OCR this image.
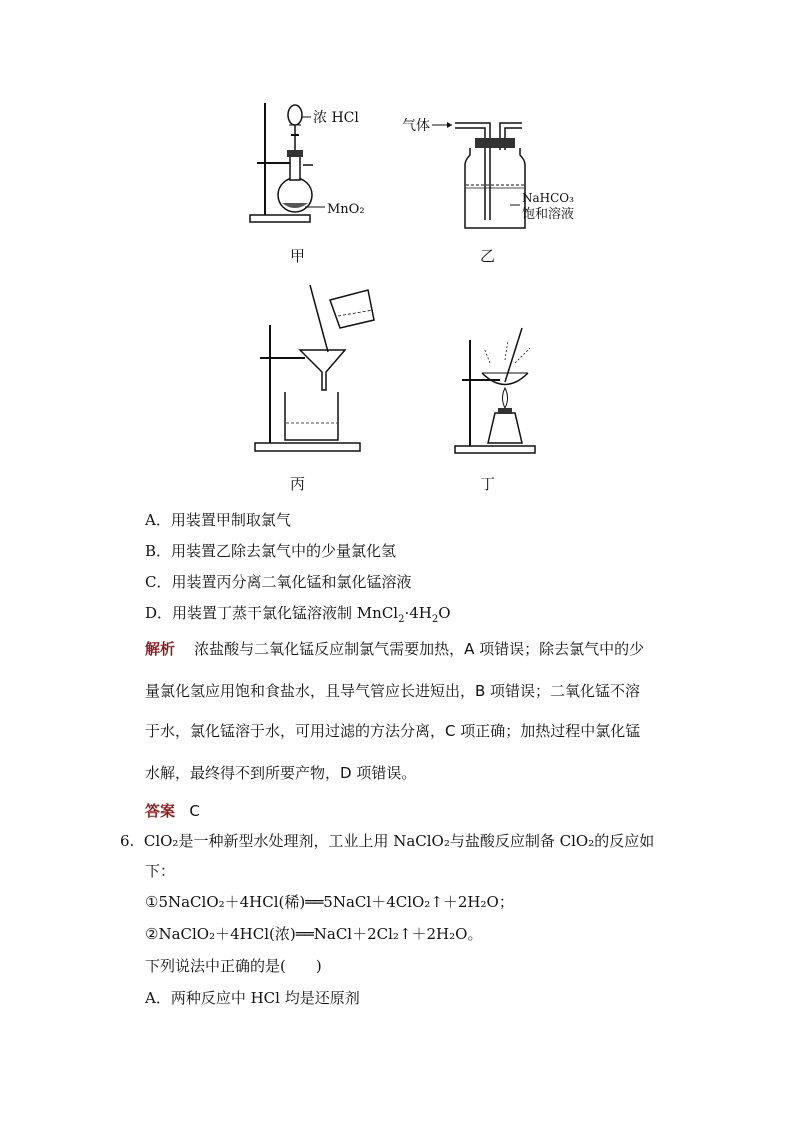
浓 HCl
MnO₂
甲
气体
NaHCO₃
饱和溶液
乙
丙	丁
A．用装置甲制取氯气
B．用装置乙除去氯气中的少量氯化氢
C．用装置丙分离二氧化锰和氯化锰溶液
D．用装置丁蒸干氯化锰溶液制 $MnCl_2\cdot 4H_2O$
解析 浓盐酸与二氧化锰反应制氯气需要加热，A 项错误；除去氯气中的少
量氯化氢应用饱和食盐水，且导气管应长进短出，B 项错误；二氧化锰不溶
于水，氯化锰溶于水，可用过滤的方法分离，C 项正确；加热过程中氯化锰
水解，最终得不到所要产物，D 项错误。
答案 C
6. ClO₂是一种新型水处理剂，工业上用 NaClO₂与盐酸反应制备 ClO₂的反应如
下：
①5NaClO₂＋4HCl(稀)══5NaCl＋4ClO₂↑＋2H₂O；
②NaClO₂＋4HCl(浓)══NaCl＋2Cl₂↑＋2H₂O。
下列说法中正确的是(　　)
A．两种反应中 HCl 均是还原剂
